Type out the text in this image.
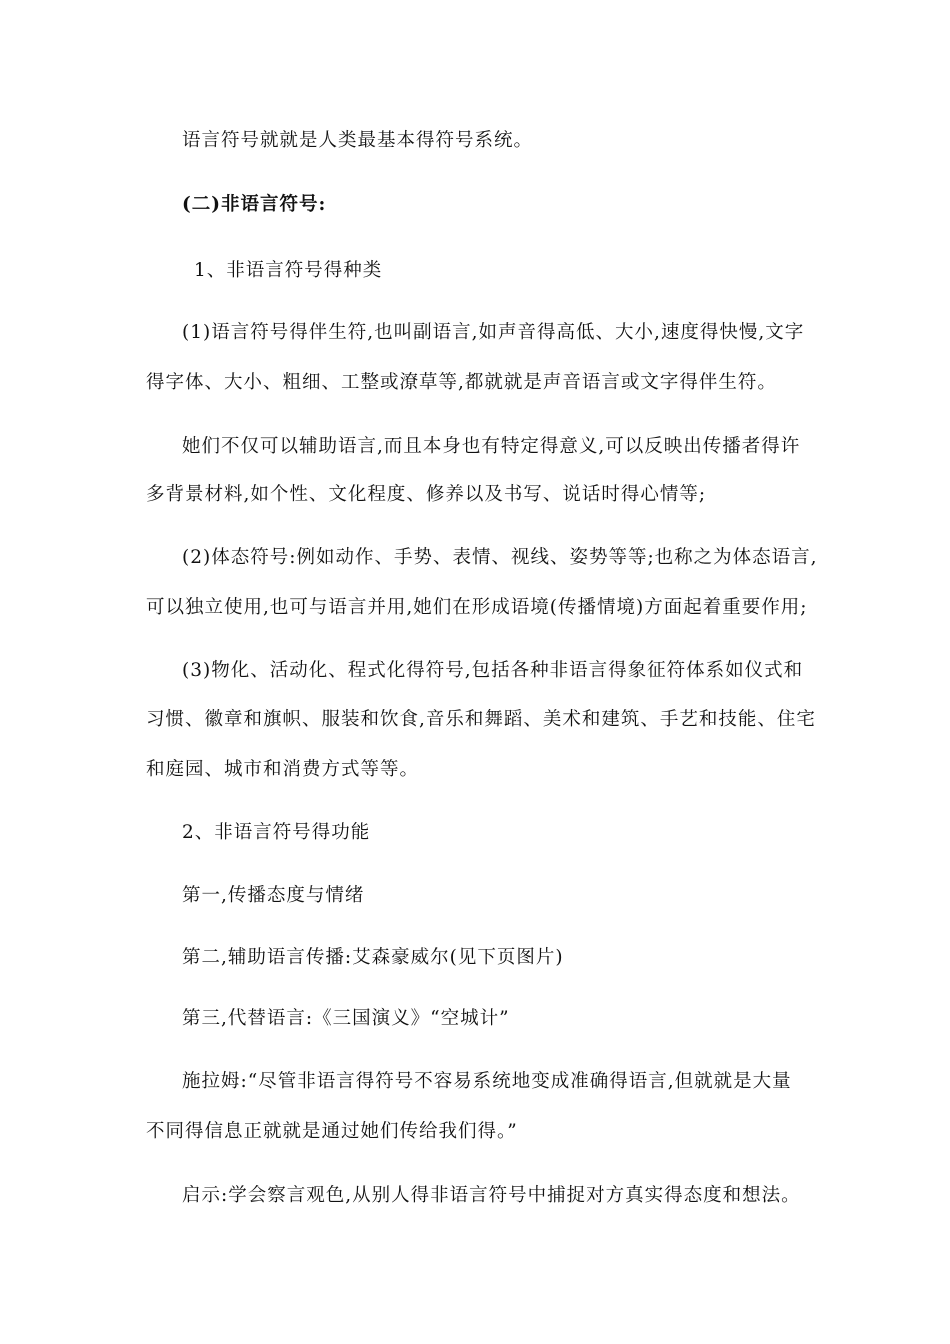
语言符号就就是人类最基本得符号系统。
(二)非语言符号:
1、非语言符号得种类
(1)语言符号得伴生符,也叫副语言,如声音得高低、大小,速度得快慢,文字
得字体、大小、粗细、工整或潦草等,都就就是声音语言或文字得伴生符。
她们不仅可以辅助语言,而且本身也有特定得意义,可以反映出传播者得许
多背景材料,如个性、文化程度、修养以及书写、说话时得心情等;
(2)体态符号:例如动作、手势、表情、视线、姿势等等;也称之为体态语言,
可以独立使用,也可与语言并用,她们在形成语境(传播情境)方面起着重要作用;
(3)物化、活动化、程式化得符号,包括各种非语言得象征符体系如仪式和
习惯、徽章和旗帜、服装和饮食,音乐和舞蹈、美术和建筑、手艺和技能、住宅
和庭园、城市和消费方式等等。
2、非语言符号得功能
第一,传播态度与情绪
第二,辅助语言传播:艾森豪威尔(见下页图片)
第三,代替语言:《三国演义》“空城计”
施拉姆:“尽管非语言得符号不容易系统地变成准确得语言,但就就是大量
不同得信息正就就是通过她们传给我们得。”
启示:学会察言观色,从别人得非语言符号中捕捉对方真实得态度和想法。
